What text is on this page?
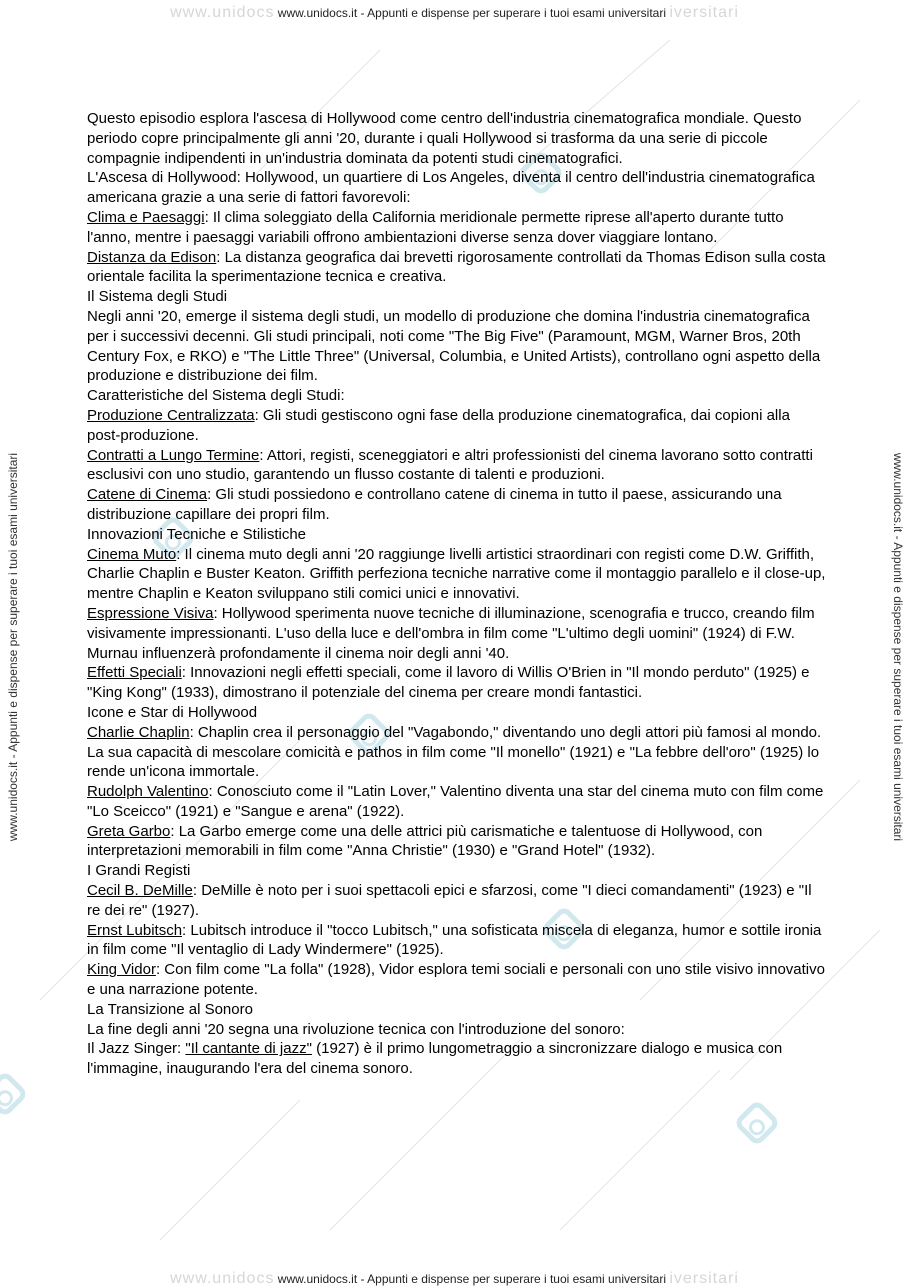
www.unidocs www.unidocs.it - Appunti e dispense per superare i tuoi esami universitari iversitari
www.unidocs.it - Appunti e dispense per superare i tuoi esami universitari	www.unidocs.it - Appunti e dispense per superare i tuoi esami universitari

Questo episodio esplora l'ascesa di Hollywood come centro dell'industria cinematografica mondiale. Questo periodo copre principalmente gli anni '20, durante i quali Hollywood si trasforma da una serie di piccole compagnie indipendenti in un'industria dominata da potenti studi cinematografici.

L'Ascesa di Hollywood: Hollywood, un quartiere di Los Angeles, diventa il centro dell'industria cinematografica americana grazie a una serie di fattori favorevoli:

Clima e Paesaggi: Il clima soleggiato della California meridionale permette riprese all'aperto durante tutto l'anno, mentre i paesaggi variabili offrono ambientazioni diverse senza dover viaggiare lontano.

Distanza da Edison: La distanza geografica dai brevetti rigorosamente controllati da Thomas Edison sulla costa orientale facilita la sperimentazione tecnica e creativa.

Il Sistema degli Studi

Negli anni '20, emerge il sistema degli studi, un modello di produzione che domina l'industria cinematografica per i successivi decenni. Gli studi principali, noti come "The Big Five" (Paramount, MGM, Warner Bros, 20th Century Fox, e RKO) e "The Little Three" (Universal, Columbia, e United Artists), controllano ogni aspetto della produzione e distribuzione dei film.

Caratteristiche del Sistema degli Studi:

Produzione Centralizzata: Gli studi gestiscono ogni fase della produzione cinematografica, dai copioni alla post-produzione.

Contratti a Lungo Termine: Attori, registi, sceneggiatori e altri professionisti del cinema lavorano sotto contratti esclusivi con uno studio, garantendo un flusso costante di talenti e produzioni.

Catene di Cinema: Gli studi possiedono e controllano catene di cinema in tutto il paese, assicurando una distribuzione capillare dei propri film.

Innovazioni Tecniche e Stilistiche

Cinema Muto: Il cinema muto degli anni '20 raggiunge livelli artistici straordinari con registi come D.W. Griffith, Charlie Chaplin e Buster Keaton. Griffith perfeziona tecniche narrative come il montaggio parallelo e il close-up, mentre Chaplin e Keaton sviluppano stili comici unici e innovativi.

Espressione Visiva: Hollywood sperimenta nuove tecniche di illuminazione, scenografia e trucco, creando film visivamente impressionanti. L'uso della luce e dell'ombra in film come "L'ultimo degli uomini" (1924) di F.W. Murnau influenzerà profondamente il cinema noir degli anni '40.

Effetti Speciali: Innovazioni negli effetti speciali, come il lavoro di Willis O'Brien in "Il mondo perduto" (1925) e "King Kong" (1933), dimostrano il potenziale del cinema per creare mondi fantastici.

Icone e Star di Hollywood

Charlie Chaplin: Chaplin crea il personaggio del "Vagabondo," diventando uno degli attori più famosi al mondo. La sua capacità di mescolare comicità e pathos in film come "Il monello" (1921) e "La febbre dell'oro" (1925) lo rende un'icona immortale.

Rudolph Valentino: Conosciuto come il "Latin Lover," Valentino diventa una star del cinema muto con film come "Lo Sceicco" (1921) e "Sangue e arena" (1922).

Greta Garbo: La Garbo emerge come una delle attrici più carismatiche e talentuose di Hollywood, con interpretazioni memorabili in film come "Anna Christie" (1930) e "Grand Hotel" (1932).

I Grandi Registi

Cecil B. DeMille: DeMille è noto per i suoi spettacoli epici e sfarzosi, come "I dieci comandamenti" (1923) e "Il re dei re" (1927).

Ernst Lubitsch: Lubitsch introduce il "tocco Lubitsch," una sofisticata miscela di eleganza, humor e sottile ironia in film come "Il ventaglio di Lady Windermere" (1925).

King Vidor: Con film come "La folla" (1928), Vidor esplora temi sociali e personali con uno stile visivo innovativo e una narrazione potente.

La Transizione al Sonoro

La fine degli anni '20 segna una rivoluzione tecnica con l'introduzione del sonoro:

Il Jazz Singer: "Il cantante di jazz" (1927) è il primo lungometraggio a sincronizzare dialogo e musica con l'immagine, inaugurando l'era del cinema sonoro.

www.unidocs www.unidocs.it - Appunti e dispense per superare i tuoi esami universitari iversitari
